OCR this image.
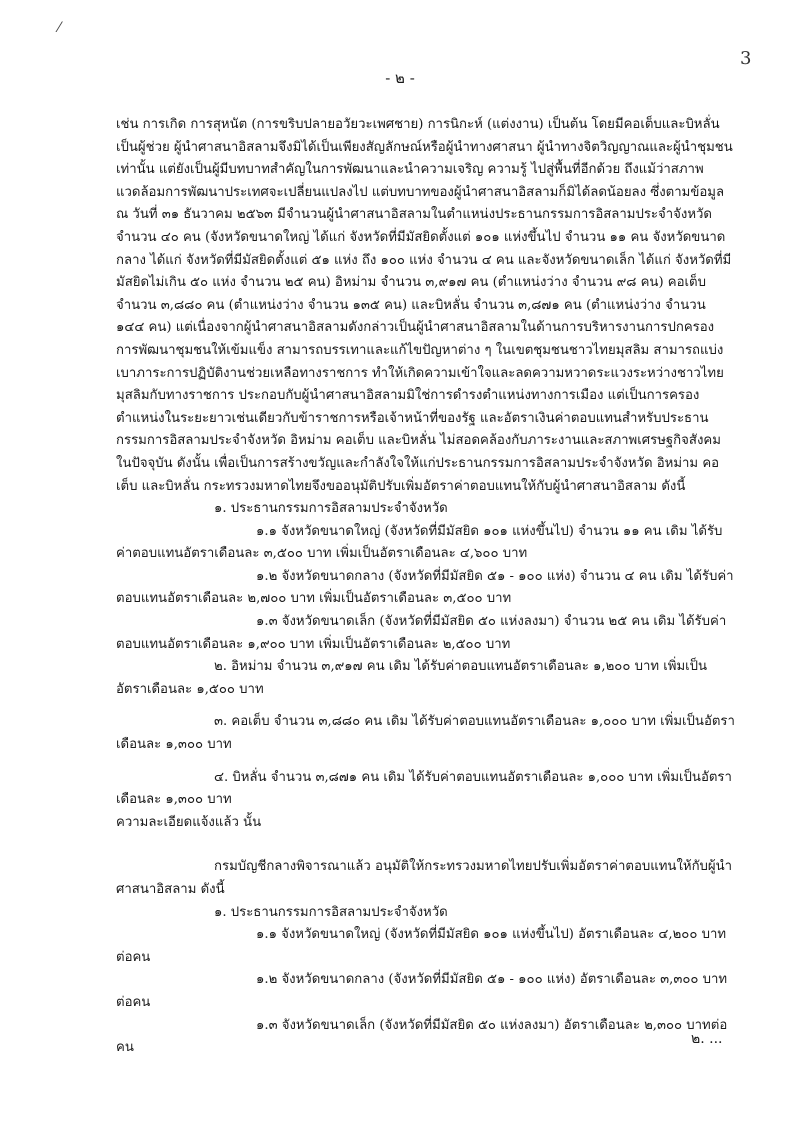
⁄
3
- ๒ -

เช่น การเกิด การสุหนัต (การขริบปลายอวัยวะเพศชาย) การนิกะห์ (แต่งงาน) เป็นต้น โดยมีคอเต็บและบิหลั่นเป็นผู้ช่วย ผู้นำศาสนาอิสลามจึงมิได้เป็นเพียงสัญลักษณ์หรือผู้นำทางศาสนา ผู้นำทางจิตวิญญาณและผู้นำชุมชนเท่านั้น แต่ยังเป็นผู้มีบทบาทสำคัญในการพัฒนาและนำความเจริญ ความรู้ ไปสู่พื้นที่อีกด้วย ถึงแม้ว่าสภาพแวดล้อมการพัฒนาประเทศจะเปลี่ยนแปลงไป แต่บทบาทของผู้นำศาสนาอิสลามก็มิได้ลดน้อยลง ซึ่งตามข้อมูล ณ วันที่ ๓๑ ธันวาคม ๒๕๖๓ มีจำนวนผู้นำศาสนาอิสลามในตำแหน่งประธานกรรมการอิสลามประจำจังหวัด จำนวน ๔๐ คน (จังหวัดขนาดใหญ่ ได้แก่ จังหวัดที่มีมัสยิดตั้งแต่ ๑๐๑ แห่งขึ้นไป จำนวน ๑๑ คน จังหวัดขนาดกลาง ได้แก่ จังหวัดที่มีมัสยิดตั้งแต่ ๕๑ แห่ง ถึง ๑๐๐ แห่ง จำนวน ๔ คน และจังหวัดขนาดเล็ก ได้แก่ จังหวัดที่มีมัสยิดไม่เกิน ๕๐ แห่ง จำนวน ๒๕ คน) อิหม่าม จำนวน ๓,๙๑๗ คน (ตำแหน่งว่าง จำนวน ๙๘ คน) คอเต็บ จำนวน ๓,๘๘๐ คน (ตำแหน่งว่าง จำนวน ๑๓๕ คน) และบิหลั่น จำนวน ๓,๘๗๑ คน (ตำแหน่งว่าง จำนวน ๑๔๔ คน) แต่เนื่องจากผู้นำศาสนาอิสลามดังกล่าวเป็นผู้นำศาสนาอิสลามในด้านการบริหารงานการปกครอง การพัฒนาชุมชนให้เข้มแข็ง สามารถบรรเทาและแก้ไขปัญหาต่าง ๆ ในเขตชุมชนชาวไทยมุสลิม สามารถแบ่งเบาภาระการปฏิบัติงานช่วยเหลือทางราชการ ทำให้เกิดความเข้าใจและลดความหวาดระแวงระหว่างชาวไทยมุสลิมกับทางราชการ ประกอบกับผู้นำศาสนาอิสลามมิใช่การดำรงตำแหน่งทางการเมือง แต่เป็นการครองตำแหน่งในระยะยาวเช่นเดียวกับข้าราชการหรือเจ้าหน้าที่ของรัฐ และอัตราเงินค่าตอบแทนสำหรับประธานกรรมการอิสลามประจำจังหวัด อิหม่าม คอเต็บ และบิหลั่น ไม่สอดคล้องกับภาระงานและสภาพเศรษฐกิจสังคมในปัจจุบัน ดังนั้น เพื่อเป็นการสร้างขวัญและกำลังใจให้แก่ประธานกรรมการอิสลามประจำจังหวัด อิหม่าม คอเต็บ และบิหลั่น กระทรวงมหาดไทยจึงขออนุมัติปรับเพิ่มอัตราค่าตอบแทนให้กับผู้นำศาสนาอิสลาม ดังนี้

๑. ประธานกรรมการอิสลามประจำจังหวัด

๑.๑ จังหวัดขนาดใหญ่ (จังหวัดที่มีมัสยิด ๑๐๑ แห่งขึ้นไป) จำนวน ๑๑ คน เดิม ได้รับค่าตอบแทนอัตราเดือนละ ๓,๕๐๐ บาท เพิ่มเป็นอัตราเดือนละ ๔,๖๐๐ บาท

๑.๒ จังหวัดขนาดกลาง (จังหวัดที่มีมัสยิด ๕๑ - ๑๐๐ แห่ง) จำนวน ๔ คน เดิม ได้รับค่าตอบแทนอัตราเดือนละ ๒,๗๐๐ บาท เพิ่มเป็นอัตราเดือนละ ๓,๕๐๐ บาท

๑.๓ จังหวัดขนาดเล็ก (จังหวัดที่มีมัสยิด ๕๐ แห่งลงมา) จำนวน ๒๕ คน เดิม ได้รับค่าตอบแทนอัตราเดือนละ ๑,๙๐๐ บาท เพิ่มเป็นอัตราเดือนละ ๒,๕๐๐ บาท

๒. อิหม่าม จำนวน ๓,๙๑๗ คน เดิม ได้รับค่าตอบแทนอัตราเดือนละ ๑,๒๐๐ บาท เพิ่มเป็นอัตราเดือนละ ๑,๕๐๐ บาท

๓. คอเต็บ จำนวน ๓,๘๘๐ คน เดิม ได้รับค่าตอบแทนอัตราเดือนละ ๑,๐๐๐ บาท เพิ่มเป็นอัตราเดือนละ ๑,๓๐๐ บาท

๔. บิหลั่น จำนวน ๓,๘๗๑ คน เดิม ได้รับค่าตอบแทนอัตราเดือนละ ๑,๐๐๐ บาท เพิ่มเป็นอัตราเดือนละ ๑,๓๐๐ บาท

ความละเอียดแจ้งแล้ว นั้น

กรมบัญชีกลางพิจารณาแล้ว อนุมัติให้กระทรวงมหาดไทยปรับเพิ่มอัตราค่าตอบแทนให้กับผู้นำศาสนาอิสลาม ดังนี้

๑. ประธานกรรมการอิสลามประจำจังหวัด

๑.๑ จังหวัดขนาดใหญ่ (จังหวัดที่มีมัสยิด ๑๐๑ แห่งขึ้นไป) อัตราเดือนละ ๔,๒๐๐ บาทต่อคน

๑.๒ จังหวัดขนาดกลาง (จังหวัดที่มีมัสยิด ๕๑ - ๑๐๐ แห่ง) อัตราเดือนละ ๓,๓๐๐ บาทต่อคน

๑.๓ จังหวัดขนาดเล็ก (จังหวัดที่มีมัสยิด ๕๐ แห่งลงมา) อัตราเดือนละ ๒,๓๐๐ บาทต่อคน

๒. ...
